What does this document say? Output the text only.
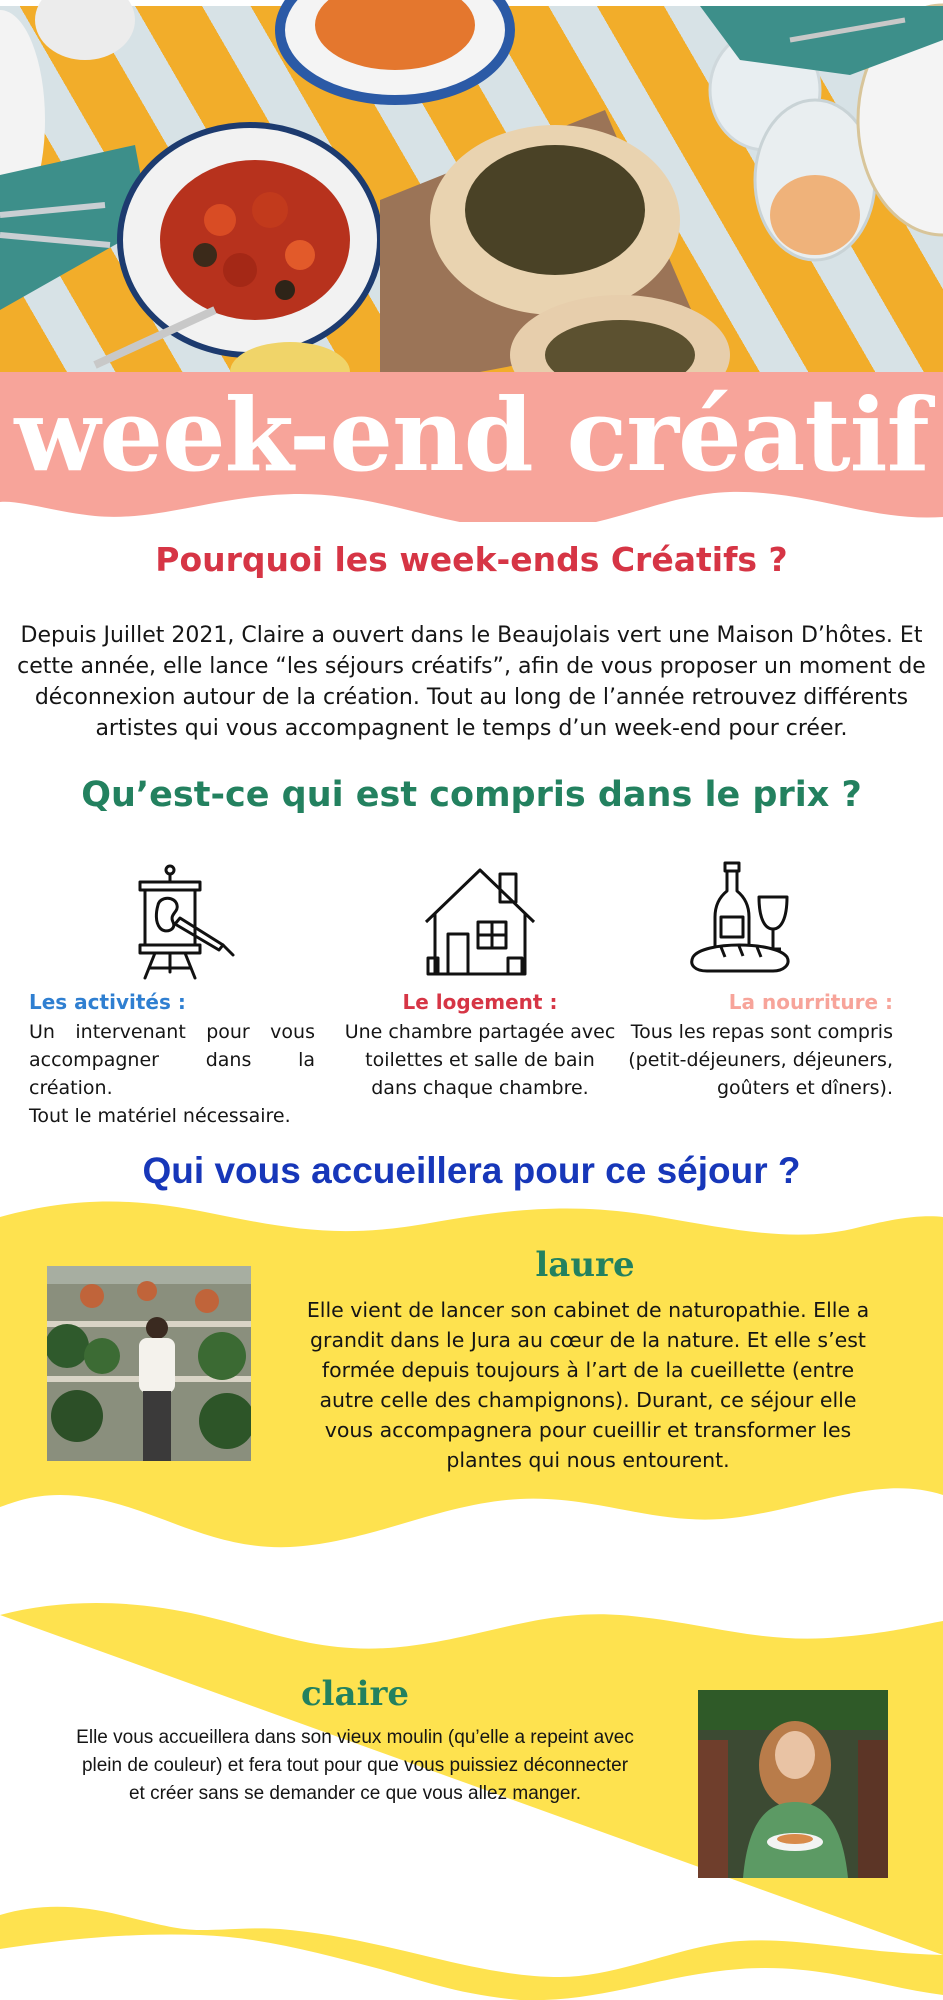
week-end créatif
Pourquoi les week-ends Créatifs ?
Depuis Juillet 2021, Claire a ouvert dans le Beaujolais vert une Maison D’hôtes. Et cette année, elle lance “les séjours créatifs”, afin de vous proposer un moment de déconnexion autour de la création. Tout au long de l’année retrouvez différents artistes qui vous accompagnent le temps d’un week-end pour créer.
Qu’est-ce qui est compris dans le prix ?
Les activités :
Un intervenant pour vous accompagner dans la création.
Tout le matériel nécessaire.
Le logement :
Une chambre partagée avec toilettes et salle de bain dans chaque chambre.
La nourriture :
Tous les repas sont compris (petit-déjeuners, déjeuners, goûters et dîners).
Qui vous accueillera pour ce séjour ?
laure
Elle vient de lancer son cabinet de naturopathie. Elle a grandit dans le Jura au cœur de la nature. Et elle s’est formée depuis toujours à l’art de la cueillette (entre autre celle des champignons). Durant, ce séjour elle vous accompagnera pour cueillir et transformer les plantes qui nous entourent.
claire
Elle vous accueillera dans son vieux moulin (qu’elle a repeint avec plein de couleur) et fera tout pour que vous puissiez déconnecter et créer sans se demander ce que vous allez manger.
